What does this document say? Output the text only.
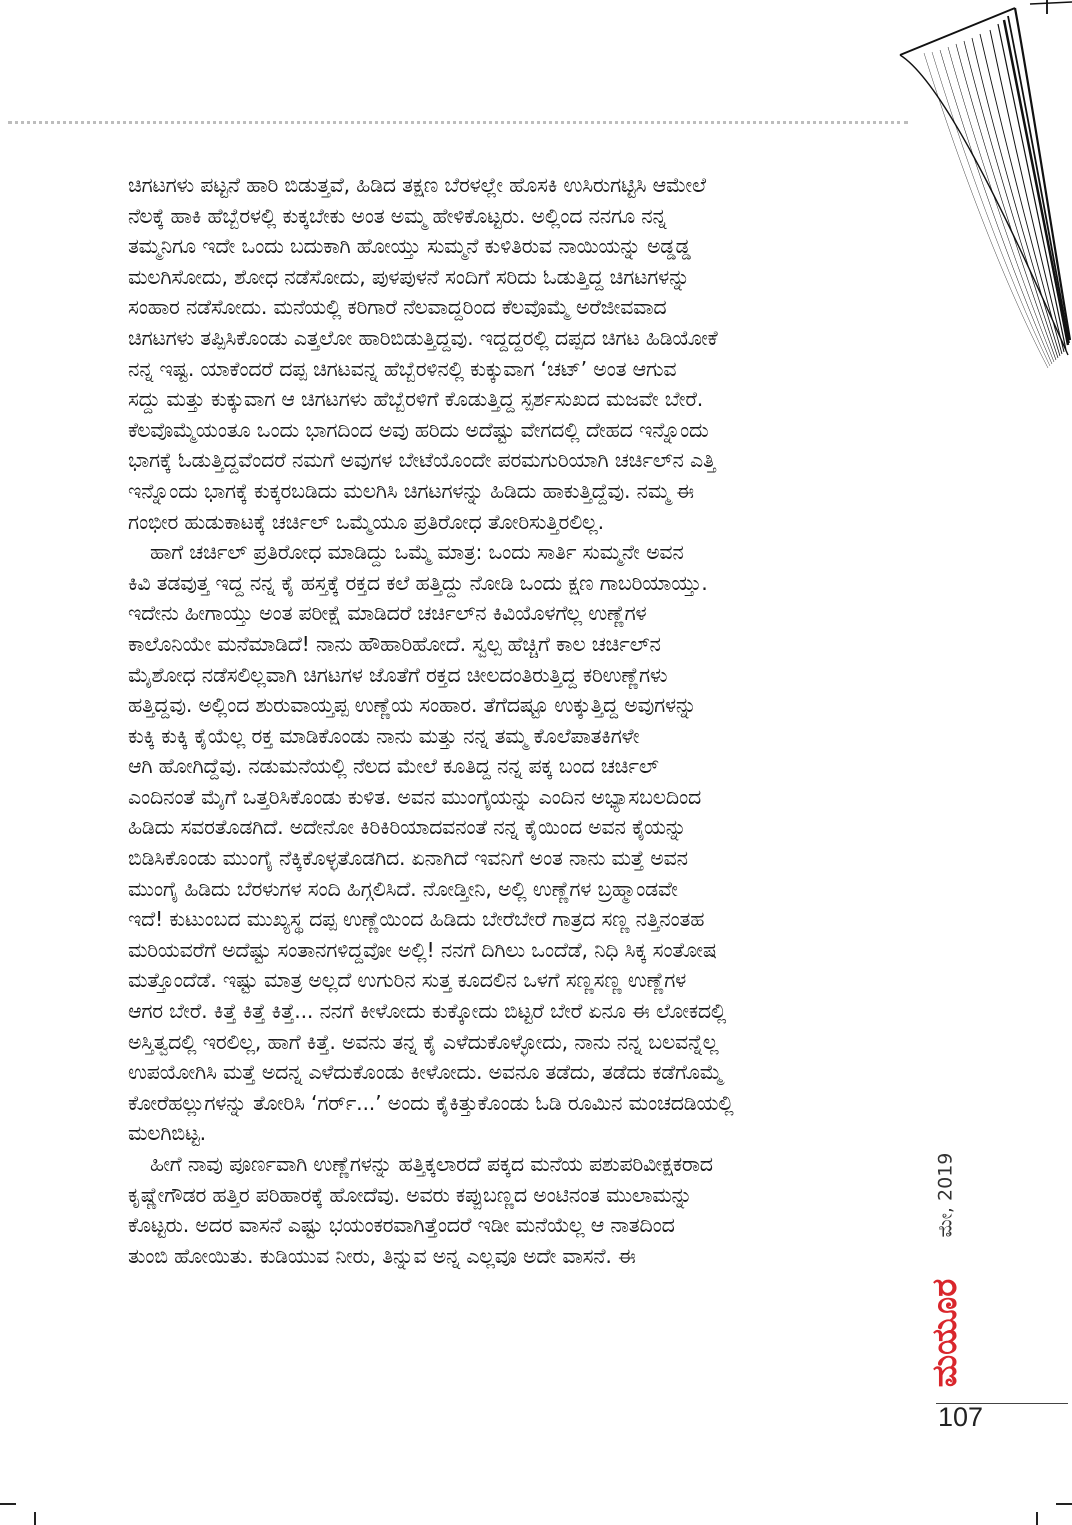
ಚಿಗಟಗಳು ಪಟ್ಟನೆ ಹಾರಿ ಬಿಡುತ್ತವೆ, ಹಿಡಿದ ತಕ್ಷಣ ಬೆರಳಲ್ಲೇ ಹೊಸಕಿ ಉಸಿರುಗಟ್ಟಿಸಿ ಆಮೇಲೆ
ನೆಲಕ್ಕೆ ಹಾಕಿ ಹೆಬ್ಬೆರಳಲ್ಲಿ ಕುಕ್ಕಬೇಕು ಅಂತ ಅಮ್ಮ ಹೇಳಿಕೊಟ್ಟರು. ಅಲ್ಲಿಂದ ನನಗೂ ನನ್ನ
ತಮ್ಮನಿಗೂ ಇದೇ ಒಂದು ಬದುಕಾಗಿ ಹೋಯ್ತು ಸುಮ್ಮನೆ ಕುಳಿತಿರುವ ನಾಯಿಯನ್ನು ಅಡ್ಡಡ್ಡ
ಮಲಗಿಸೋದು, ಶೋಧ ನಡೆಸೋದು, ಪುಳಪುಳನೆ ಸಂದಿಗೆ ಸರಿದು ಓಡುತ್ತಿದ್ದ ಚಿಗಟಗಳನ್ನು
ಸಂಹಾರ ನಡೆಸೋದು. ಮನೆಯಲ್ಲಿ ಕರಿಗಾರೆ ನೆಲವಾದ್ದರಿಂದ ಕೆಲವೊಮ್ಮೆ ಅರೆಜೀವವಾದ
ಚಿಗಟಗಳು ತಪ್ಪಿಸಿಕೊಂಡು ಎತ್ತಲೋ ಹಾರಿಬಿಡುತ್ತಿದ್ದವು. ಇದ್ದದ್ದರಲ್ಲಿ ದಪ್ಪದ ಚಿಗಟ ಹಿಡಿಯೋಕೆ
ನನ್ನ ಇಷ್ಟ. ಯಾಕೆಂದರೆ ದಪ್ಪ ಚಿಗಟವನ್ನ ಹೆಬ್ಬೆರಳಿನಲ್ಲಿ ಕುಕ್ಕುವಾಗ ‘ಚಟ್’ ಅಂತ ಆಗುವ
ಸದ್ದು ಮತ್ತು ಕುಕ್ಕುವಾಗ ಆ ಚಿಗಟಗಳು ಹೆಬ್ಬೆರಳಿಗೆ ಕೊಡುತ್ತಿದ್ದ ಸ್ಪರ್ಶಸುಖದ ಮಜವೇ ಬೇರೆ.
ಕೆಲವೊಮ್ಮೆಯಂತೂ ಒಂದು ಭಾಗದಿಂದ ಅವು ಹರಿದು ಅದೆಷ್ಟು ವೇಗದಲ್ಲಿ ದೇಹದ ಇನ್ನೊಂದು
ಭಾಗಕ್ಕೆ ಓಡುತ್ತಿದ್ದವೆಂದರೆ ನಮಗೆ ಅವುಗಳ ಬೇಟೆಯೊಂದೇ ಪರಮಗುರಿಯಾಗಿ ಚರ್ಚಿಲ್‌ನ ಎತ್ತಿ
ಇನ್ನೊಂದು ಭಾಗಕ್ಕೆ ಕುಕ್ಕರಬಡಿದು ಮಲಗಿಸಿ ಚಿಗಟಗಳನ್ನು ಹಿಡಿದು ಹಾಕುತ್ತಿದ್ದೆವು. ನಮ್ಮ ಈ
ಗಂಭೀರ ಹುಡುಕಾಟಕ್ಕೆ ಚರ್ಚಿಲ್ ಒಮ್ಮೆಯೂ ಪ್ರತಿರೋಧ ತೋರಿಸುತ್ತಿರಲಿಲ್ಲ.

ಹಾಗೆ ಚರ್ಚಿಲ್ ಪ್ರತಿರೋಧ ಮಾಡಿದ್ದು ಒಮ್ಮೆ ಮಾತ್ರ: ಒಂದು ಸಾರ್ತಿ ಸುಮ್ಮನೇ ಅವನ
ಕಿವಿ ತಡವುತ್ತ ಇದ್ದ ನನ್ನ ಕೈ ಹಸ್ತಕ್ಕೆ ರಕ್ತದ ಕಲೆ ಹತ್ತಿದ್ದು ನೋಡಿ ಒಂದು ಕ್ಷಣ ಗಾಬರಿಯಾಯ್ತು.
ಇದೇನು ಹೀಗಾಯ್ತು ಅಂತ ಪರೀಕ್ಷೆ ಮಾಡಿದರೆ ಚರ್ಚಿಲ್‌ನ ಕಿವಿಯೊಳಗೆಲ್ಲ ಉಣ್ಣೆಗಳ
ಕಾಲೊನಿಯೇ ಮನೆಮಾಡಿದೆ! ನಾನು ಹೌಹಾರಿಹೋದೆ. ಸ್ವಲ್ಪ ಹೆಚ್ಚಿಗೆ ಕಾಲ ಚರ್ಚಿಲ್‌ನ
ಮೈಶೋಧ ನಡೆಸಲಿಲ್ಲವಾಗಿ ಚಿಗಟಗಳ ಜೊತೆಗೆ ರಕ್ತದ ಚೀಲದಂತಿರುತ್ತಿದ್ದ ಕರಿಉಣ್ಣೆಗಳು
ಹತ್ತಿದ್ದವು. ಅಲ್ಲಿಂದ ಶುರುವಾಯ್ತಪ್ಪ ಉಣ್ಣೆಯ ಸಂಹಾರ. ತೆಗೆದಷ್ಟೂ ಉಕ್ಕುತ್ತಿದ್ದ ಅವುಗಳನ್ನು
ಕುಕ್ಕಿ ಕುಕ್ಕಿ ಕೈಯೆಲ್ಲ ರಕ್ತ ಮಾಡಿಕೊಂಡು ನಾನು ಮತ್ತು ನನ್ನ ತಮ್ಮ ಕೊಲೆಪಾತಕಿಗಳೇ
ಆಗಿ ಹೋಗಿದ್ದೆವು. ನಡುಮನೆಯಲ್ಲಿ ನೆಲದ ಮೇಲೆ ಕೂತಿದ್ದ ನನ್ನ ಪಕ್ಕ ಬಂದ ಚರ್ಚಿಲ್
ಎಂದಿನಂತೆ ಮೈಗೆ ಒತ್ತರಿಸಿಕೊಂಡು ಕುಳಿತ. ಅವನ ಮುಂಗೈಯನ್ನು ಎಂದಿನ ಅಭ್ಯಾಸಬಲದಿಂದ
ಹಿಡಿದು ಸವರತೊಡಗಿದೆ. ಅದೇನೋ ಕಿರಿಕಿರಿಯಾದವನಂತೆ ನನ್ನ ಕೈಯಿಂದ ಅವನ ಕೈಯನ್ನು
ಬಿಡಿಸಿಕೊಂಡು ಮುಂಗೈ ನೆಕ್ಕಿಕೊಳ್ಳತೊಡಗಿದ. ಏನಾಗಿದೆ ಇವನಿಗೆ ಅಂತ ನಾನು ಮತ್ತೆ ಅವನ
ಮುಂಗೈ ಹಿಡಿದು ಬೆರಳುಗಳ ಸಂದಿ ಹಿಗ್ಗಲಿಸಿದೆ. ನೋಡ್ತೀನಿ, ಅಲ್ಲಿ ಉಣ್ಣೆಗಳ ಬ್ರಹ್ಮಾಂಡವೇ
ಇದೆ! ಕುಟುಂಬದ ಮುಖ್ಯಸ್ಥ ದಪ್ಪ ಉಣ್ಣೆಯಿಂದ ಹಿಡಿದು ಬೇರೆಬೇರೆ ಗಾತ್ರದ ಸಣ್ಣ ನತ್ತಿನಂತಹ
ಮರಿಯವರೆಗೆ ಅದೆಷ್ಟು ಸಂತಾನಗಳಿದ್ದವೋ ಅಲ್ಲಿ! ನನಗೆ ದಿಗಿಲು ಒಂದೆಡೆ, ನಿಧಿ ಸಿಕ್ಕ ಸಂತೋಷ
ಮತ್ತೊಂದೆಡೆ. ಇಷ್ಟು ಮಾತ್ರ ಅಲ್ಲದೆ ಉಗುರಿನ ಸುತ್ತ ಕೂದಲಿನ ಒಳಗೆ ಸಣ್ಣಸಣ್ಣ ಉಣ್ಣೆಗಳ
ಆಗರ ಬೇರೆ. ಕಿತ್ತೆ ಕಿತ್ತೆ ಕಿತ್ತೆ... ನನಗೆ ಕೀಳೋದು ಕುಕ್ಕೋದು ಬಿಟ್ಟರೆ ಬೇರೆ ಏನೂ ಈ ಲೋಕದಲ್ಲಿ
ಅಸ್ತಿತ್ವದಲ್ಲಿ ಇರಲಿಲ್ಲ, ಹಾಗೆ ಕಿತ್ತೆ. ಅವನು ತನ್ನ ಕೈ ಎಳೆದುಕೊಳ್ಳೋದು, ನಾನು ನನ್ನ ಬಲವನ್ನೆಲ್ಲ
ಉಪಯೋಗಿಸಿ ಮತ್ತೆ ಅದನ್ನ ಎಳೆದುಕೊಂಡು ಕೀಳೋದು. ಅವನೂ ತಡೆದು, ತಡೆದು ಕಡೆಗೊಮ್ಮೆ
ಕೋರೆಹಲ್ಲುಗಳನ್ನು ತೋರಿಸಿ ‘ಗರ್ರ್...’ ಅಂದು ಕೈಕಿತ್ತುಕೊಂಡು ಓಡಿ ರೂಮಿನ ಮಂಚದಡಿಯಲ್ಲಿ
ಮಲಗಿಬಿಟ್ಟ.

ಹೀಗೆ ನಾವು ಪೂರ್ಣವಾಗಿ ಉಣ್ಣೆಗಳನ್ನು ಹತ್ತಿಕ್ಕಲಾರದೆ ಪಕ್ಕದ ಮನೆಯ ಪಶುಪರಿವೀಕ್ಷಕರಾದ
ಕೃಷ್ಣೇಗೌಡರ ಹತ್ತಿರ ಪರಿಹಾರಕ್ಕೆ ಹೋದೆವು. ಅವರು ಕಪ್ಪುಬಣ್ಣದ ಅಂಟಿನಂತ ಮುಲಾಮನ್ನು
ಕೊಟ್ಟರು. ಅದರ ವಾಸನೆ ಎಷ್ಟು ಭಯಂಕರವಾಗಿತ್ತೆಂದರೆ ಇಡೀ ಮನೆಯೆಲ್ಲ ಆ ನಾತದಿಂದ
ತುಂಬಿ ಹೋಯಿತು. ಕುಡಿಯುವ ನೀರು, ತಿನ್ನುವ ಅನ್ನ ಎಲ್ಲವೂ ಅದೇ ವಾಸನೆ. ಈ

ಮೇ, 2019
ಮಯೂರ
107
